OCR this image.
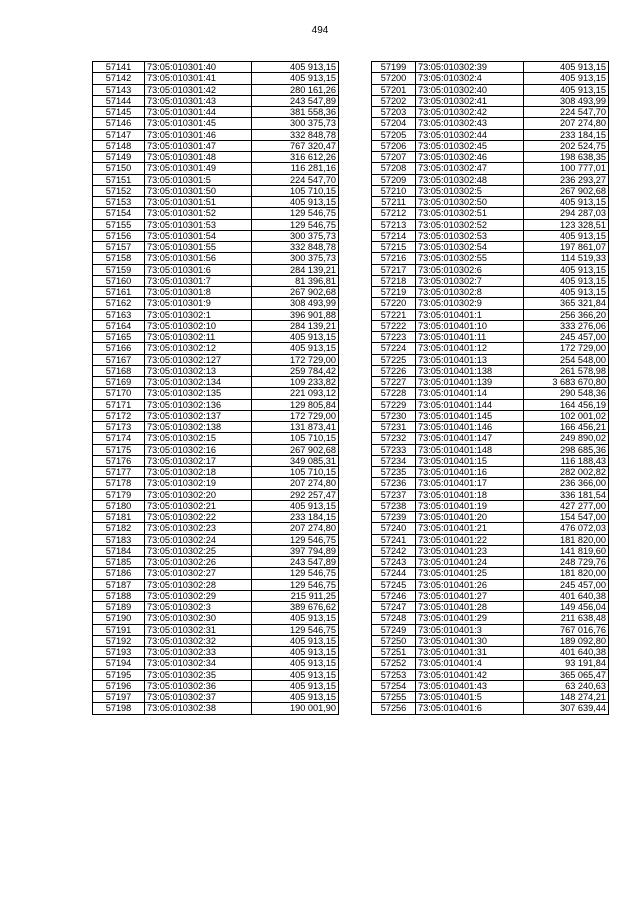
494
57141	73:05:010301:40	405 913,15
57142	73:05:010301:41	405 913,15
57143	73:05:010301:42	280 161,26
57144	73:05:010301:43	243 547,89
57145	73:05:010301:44	381 558,36
57146	73:05:010301:45	300 375,73
57147	73:05:010301:46	332 848,78
57148	73:05:010301:47	767 320,47
57149	73:05:010301:48	316 612,26
57150	73:05:010301:49	116 281,16
57151	73:05:010301:5	224 547,70
57152	73:05:010301:50	105 710,15
57153	73:05:010301:51	405 913,15
57154	73:05:010301:52	129 546,75
57155	73:05:010301:53	129 546,75
57156	73:05:010301:54	300 375,73
57157	73:05:010301:55	332 848,78
57158	73:05:010301:56	300 375,73
57159	73:05:010301:6	284 139,21
57160	73:05:010301:7	81 396,81
57161	73:05:010301:8	267 902,68
57162	73:05:010301:9	308 493,99
57163	73:05:010302:1	396 901,88
57164	73:05:010302:10	284 139,21
57165	73:05:010302:11	405 913,15
57166	73:05:010302:12	405 913,15
57167	73:05:010302:127	172 729,00
57168	73:05:010302:13	259 784,42
57169	73:05:010302:134	109 233,82
57170	73:05:010302:135	221 093,12
57171	73:05:010302:136	129 805,84
57172	73:05:010302:137	172 729,00
57173	73:05:010302:138	131 873,41
57174	73:05:010302:15	105 710,15
57175	73:05:010302:16	267 902,68
57176	73:05:010302:17	349 085,31
57177	73:05:010302:18	105 710,15
57178	73:05:010302:19	207 274,80
57179	73:05:010302:20	292 257,47
57180	73:05:010302:21	405 913,15
57181	73:05:010302:22	233 184,15
57182	73:05:010302:23	207 274,80
57183	73:05:010302:24	129 546,75
57184	73:05:010302:25	397 794,89
57185	73:05:010302:26	243 547,89
57186	73:05:010302:27	129 546,75
57187	73:05:010302:28	129 546,75
57188	73:05:010302:29	215 911,25
57189	73:05:010302:3	389 676,62
57190	73:05:010302:30	405 913,15
57191	73:05:010302:31	129 546,75
57192	73:05:010302:32	405 913,15
57193	73:05:010302:33	405 913,15
57194	73:05:010302:34	405 913,15
57195	73:05:010302:35	405 913,15
57196	73:05:010302:36	405 913,15
57197	73:05:010302:37	405 913,15
57198	73:05:010302:38	190 001,90
57199	73:05:010302:39	405 913,15
57200	73:05:010302:4	405 913,15
57201	73:05:010302:40	405 913,15
57202	73:05:010302:41	308 493,99
57203	73:05:010302:42	224 547,70
57204	73:05:010302:43	207 274,80
57205	73:05:010302:44	233 184,15
57206	73:05:010302:45	202 524,75
57207	73:05:010302:46	198 638,35
57208	73:05:010302:47	100 777,01
57209	73:05:010302:48	236 293,27
57210	73:05:010302:5	267 902,68
57211	73:05:010302:50	405 913,15
57212	73:05:010302:51	294 287,03
57213	73:05:010302:52	123 328,51
57214	73:05:010302:53	405 913,15
57215	73:05:010302:54	197 861,07
57216	73:05:010302:55	114 519,33
57217	73:05:010302:6	405 913,15
57218	73:05:010302:7	405 913,15
57219	73:05:010302:8	405 913,15
57220	73:05:010302:9	365 321,84
57221	73:05:010401:1	256 366,20
57222	73:05:010401:10	333 276,06
57223	73:05:010401:11	245 457,00
57224	73:05:010401:12	172 729,00
57225	73:05:010401:13	254 548,00
57226	73:05:010401:138	261 578,98
57227	73:05:010401:139	3 683 670,80
57228	73:05:010401:14	290 548,36
57229	73:05:010401:144	164 456,19
57230	73:05:010401:145	102 001,02
57231	73:05:010401:146	166 456,21
57232	73:05:010401:147	249 890,02
57233	73:05:010401:148	298 685,36
57234	73:05:010401:15	116 188,43
57235	73:05:010401:16	282 002,82
57236	73:05:010401:17	236 366,00
57237	73:05:010401:18	336 181,54
57238	73:05:010401:19	427 277,00
57239	73:05:010401:20	154 547,00
57240	73:05:010401:21	476 072,03
57241	73:05:010401:22	181 820,00
57242	73:05:010401:23	141 819,60
57243	73:05:010401:24	248 729,76
57244	73:05:010401:25	181 820,00
57245	73:05:010401:26	245 457,00
57246	73:05:010401:27	401 640,38
57247	73:05:010401:28	149 456,04
57248	73:05:010401:29	211 638,48
57249	73:05:010401:3	767 016,76
57250	73:05:010401:30	189 092,80
57251	73:05:010401:31	401 640,38
57252	73:05:010401:4	93 191,84
57253	73:05:010401:42	365 065,47
57254	73:05:010401:43	63 240,63
57255	73:05:010401:5	148 274,21
57256	73:05:010401:6	307 639,44
